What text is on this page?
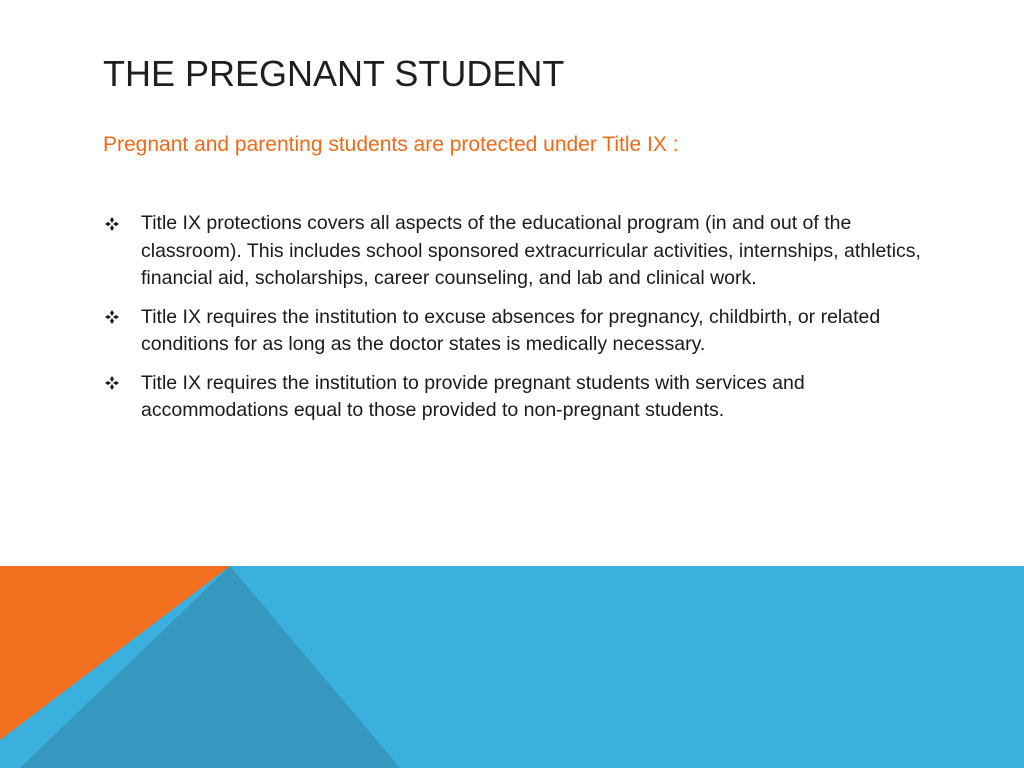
THE PREGNANT STUDENT

Pregnant and parenting students are protected under Title IX :

Title IX protections covers all aspects of the educational program (in and out of the classroom). This includes school sponsored extracurricular activities, internships, athletics, financial aid, scholarships, career counseling, and lab and clinical work.
Title IX requires the institution to excuse absences for pregnancy, childbirth, or related conditions for as long as the doctor states is medically necessary.
Title IX requires the institution to provide pregnant students with services and accommodations equal to those provided to non-pregnant students.
